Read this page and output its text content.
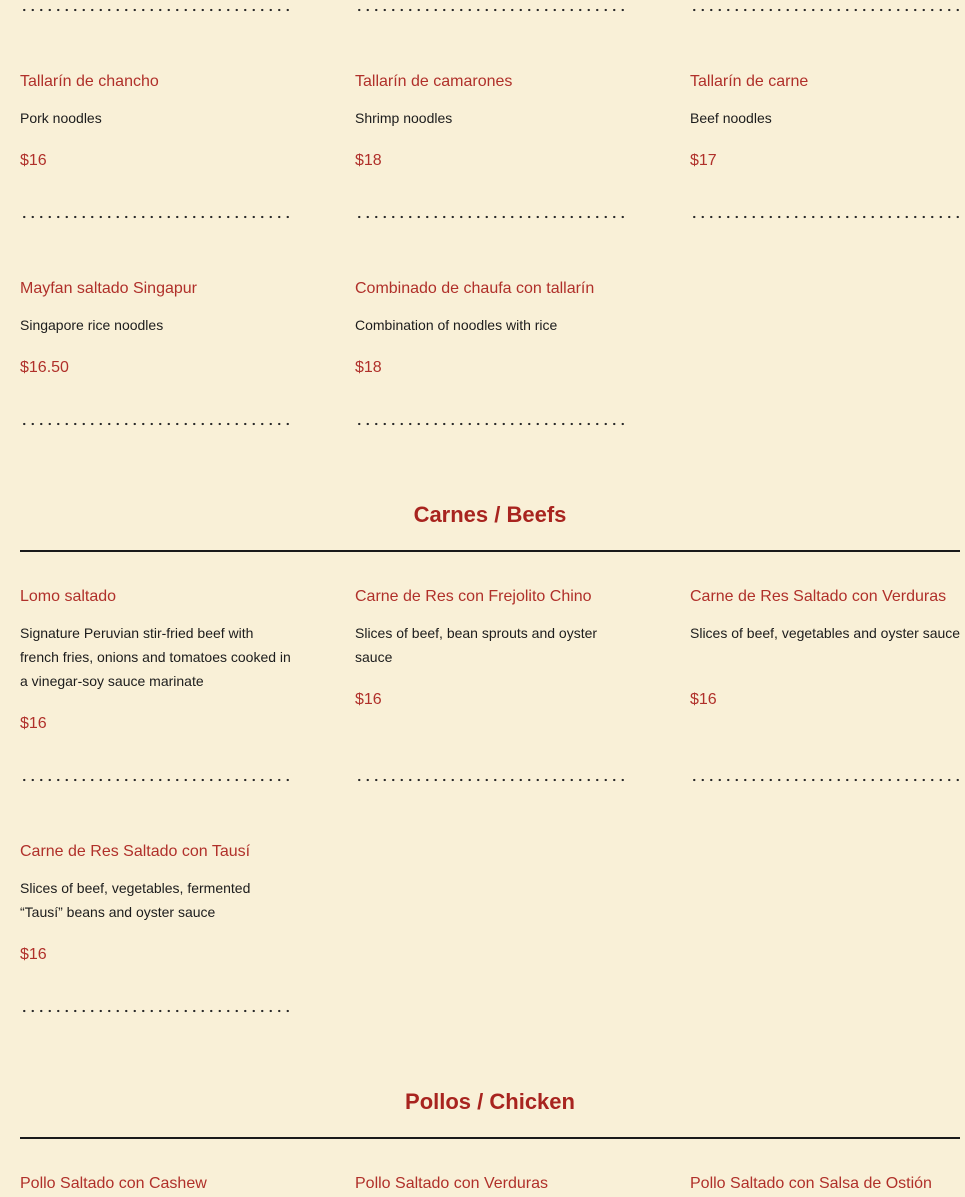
Tallarín de chancho
Pork noodles
$16
Tallarín de camarones
Shrimp noodles
$18
Tallarín de carne
Beef noodles
$17
Mayfan saltado Singapur
Singapore rice noodles
$16.50
Combinado de chaufa con tallarín
Combination of noodles with rice
$18
Carnes / Beefs
Lomo saltado
Signature Peruvian stir-fried beef with french fries, onions and tomatoes cooked in a vinegar-soy sauce marinate
$16
Carne de Res con Frejolito Chino
Slices of beef, bean sprouts and oyster sauce
$16
Carne de Res Saltado con Verduras
Slices of beef, vegetables and oyster sauce
$16
Carne de Res Saltado con Tausí
Slices of beef, vegetables, fermented “Tausí” beans and oyster sauce
$16
Pollos / Chicken
Pollo Saltado con Cashew	Pollo Saltado con Verduras	Pollo Saltado con Salsa de Ostión
